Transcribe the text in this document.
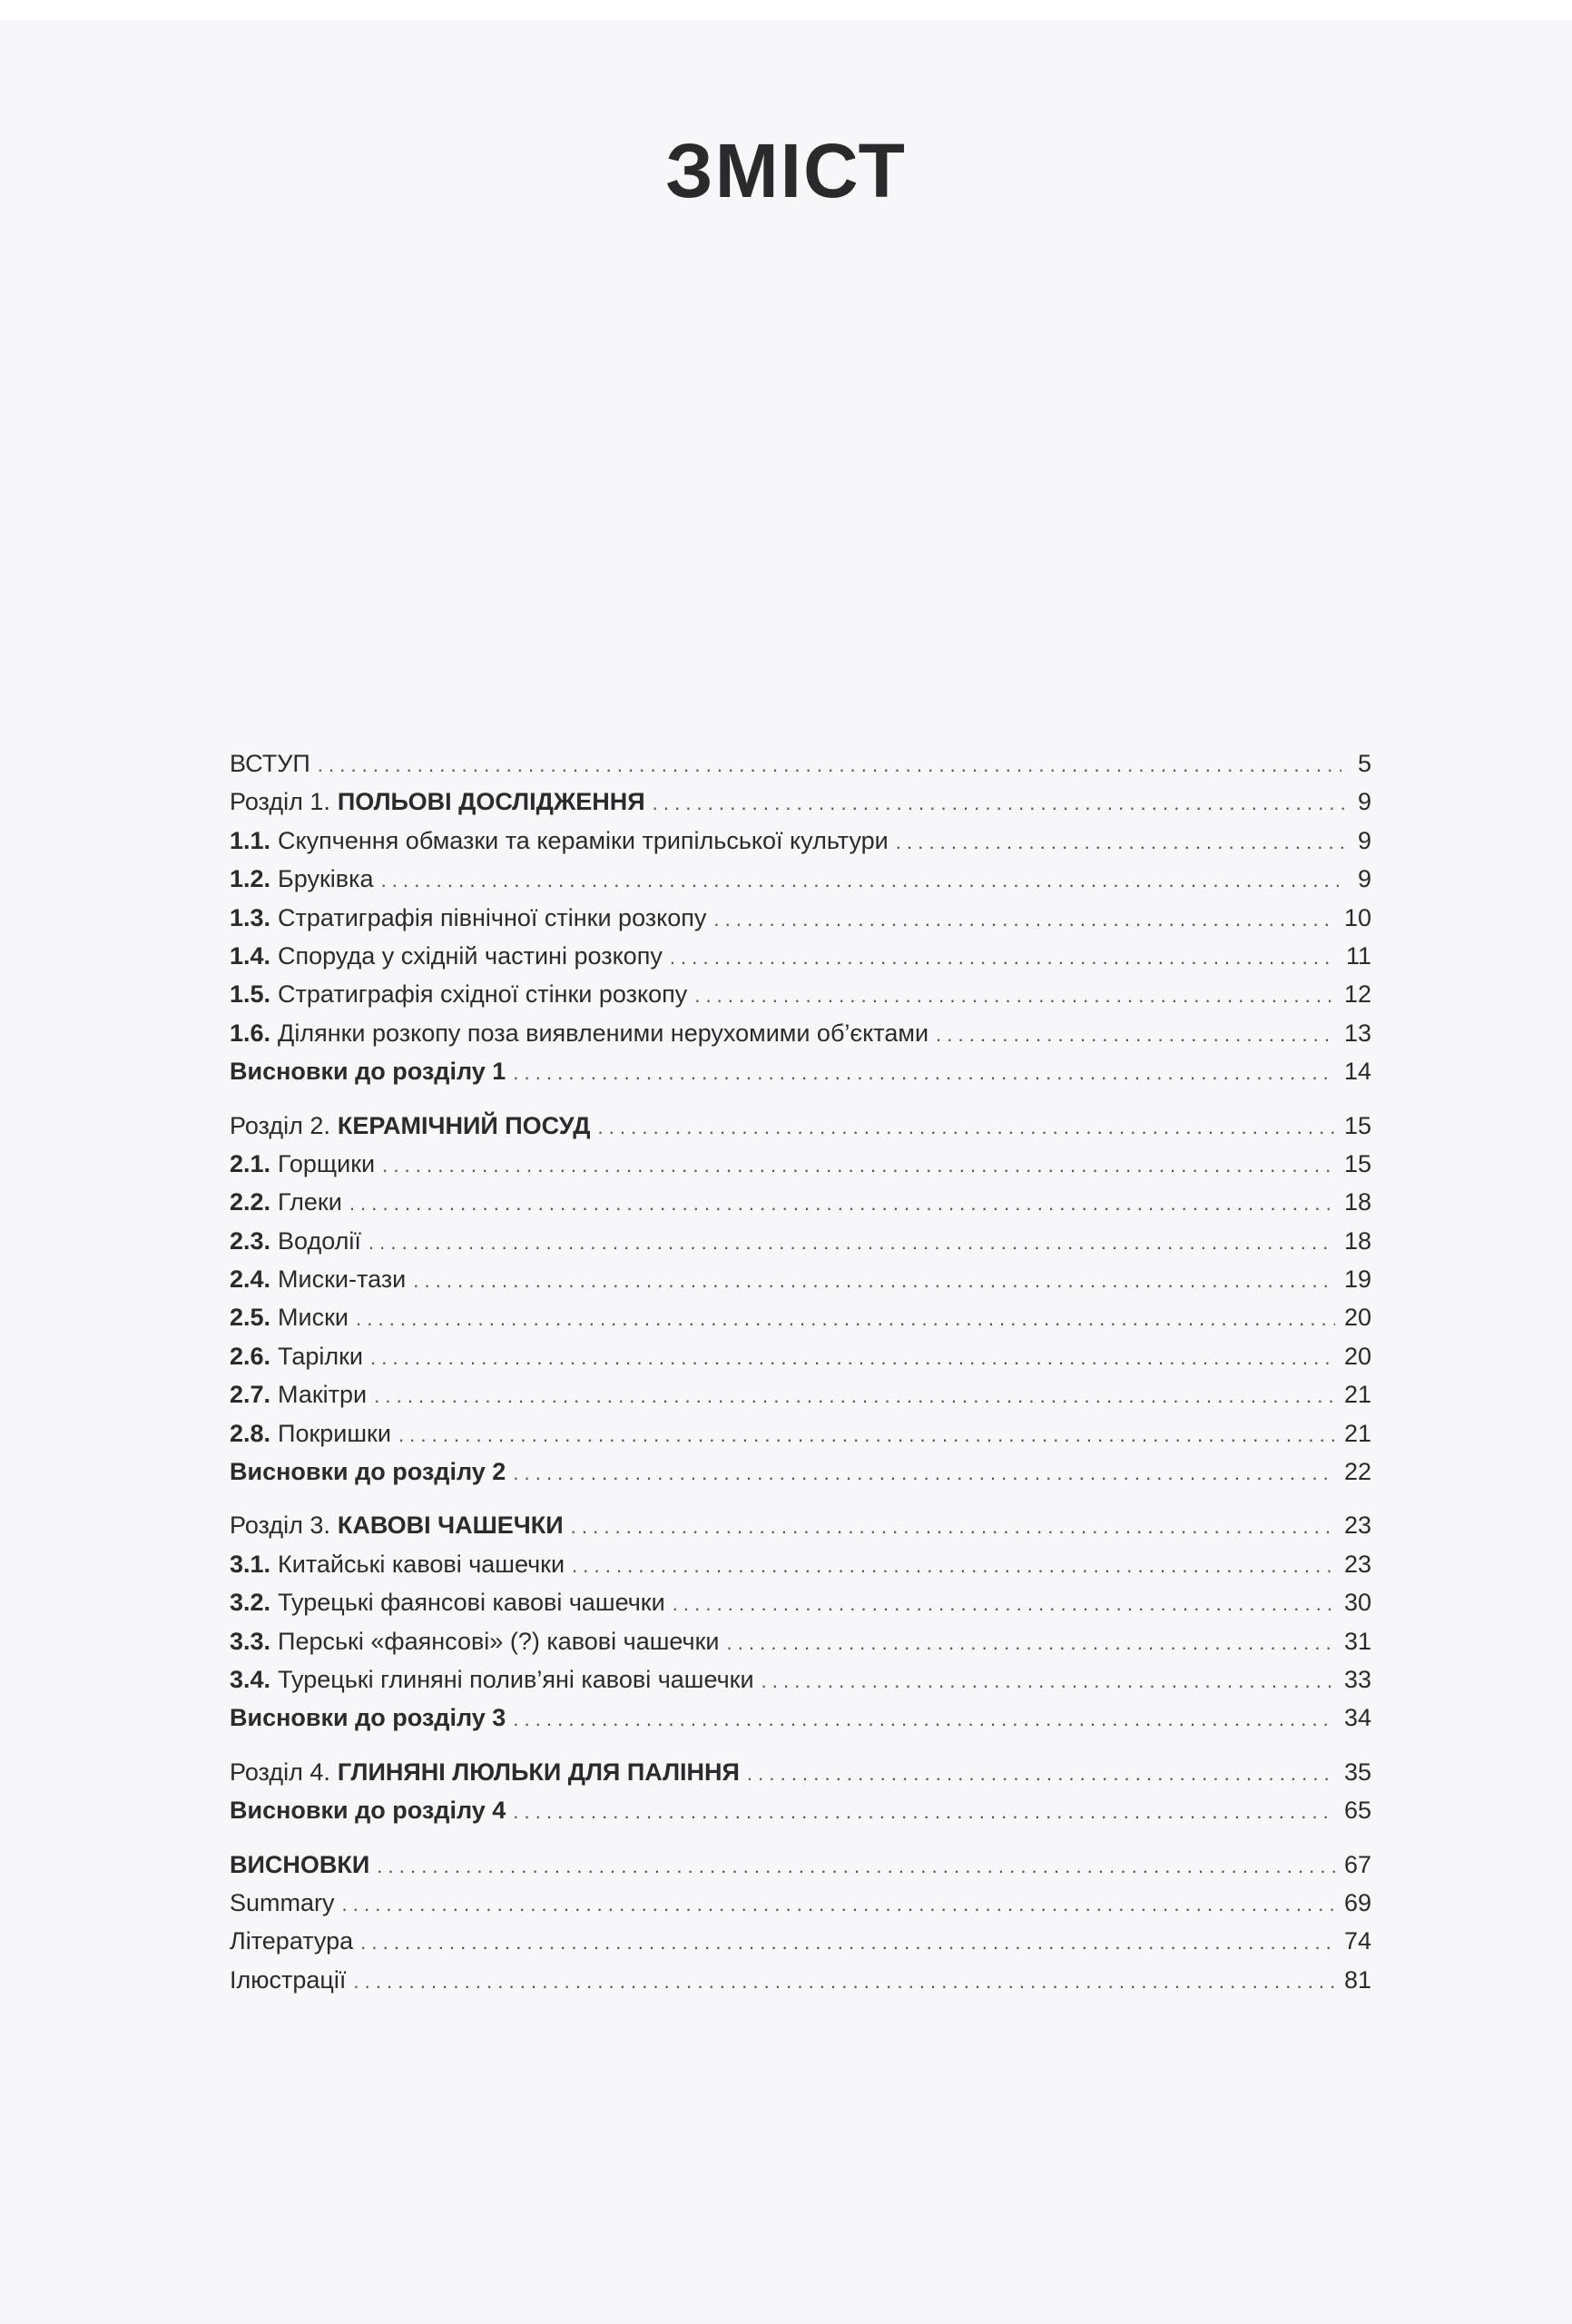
ЗМІСТ
ВСТУП . . .	5
Розділ 1. ПОЛЬОВІ ДОСЛІДЖЕННЯ . . .	9
1.1. Скупчення обмазки та кераміки трипільської культури . . .	9
1.2. Бруківка . . .	9
1.3. Стратиграфія північної стінки розкопу . . .	10
1.4. Споруда у східній частині розкопу . . .	11
1.5. Стратиграфія східної стінки розкопу . . .	12
1.6. Ділянки розкопу поза виявленими нерухомими об’єктами . . .	13
Висновки до розділу 1 . . .	14
Розділ 2. КЕРАМІЧНИЙ ПОСУД . . .	15
2.1. Горщики . . .	15
2.2. Глеки . . .	18
2.3. Водолії . . .	18
2.4. Миски-тази . . .	19
2.5. Миски . . .	20
2.6. Тарілки . . .	20
2.7. Макітри . . .	21
2.8. Покришки . . .	21
Висновки до розділу 2 . . .	22
Розділ 3. КАВОВІ ЧАШЕЧКИ . . .	23
3.1. Китайські кавові чашечки . . .	23
3.2. Турецькі фаянсові кавові чашечки . . .	30
3.3. Перські «фаянсові» (?) кавові чашечки . . .	31
3.4. Турецькі глиняні полив’яні кавові чашечки . . .	33
Висновки до розділу 3 . . .	34
Розділ 4. ГЛИНЯНІ ЛЮЛЬКИ ДЛЯ ПАЛІННЯ . . .	35
Висновки до розділу 4 . . .	65
ВИСНОВКИ . . .	67
Summary . . .	69
Література . . .	74
Ілюстрації . . .	81
